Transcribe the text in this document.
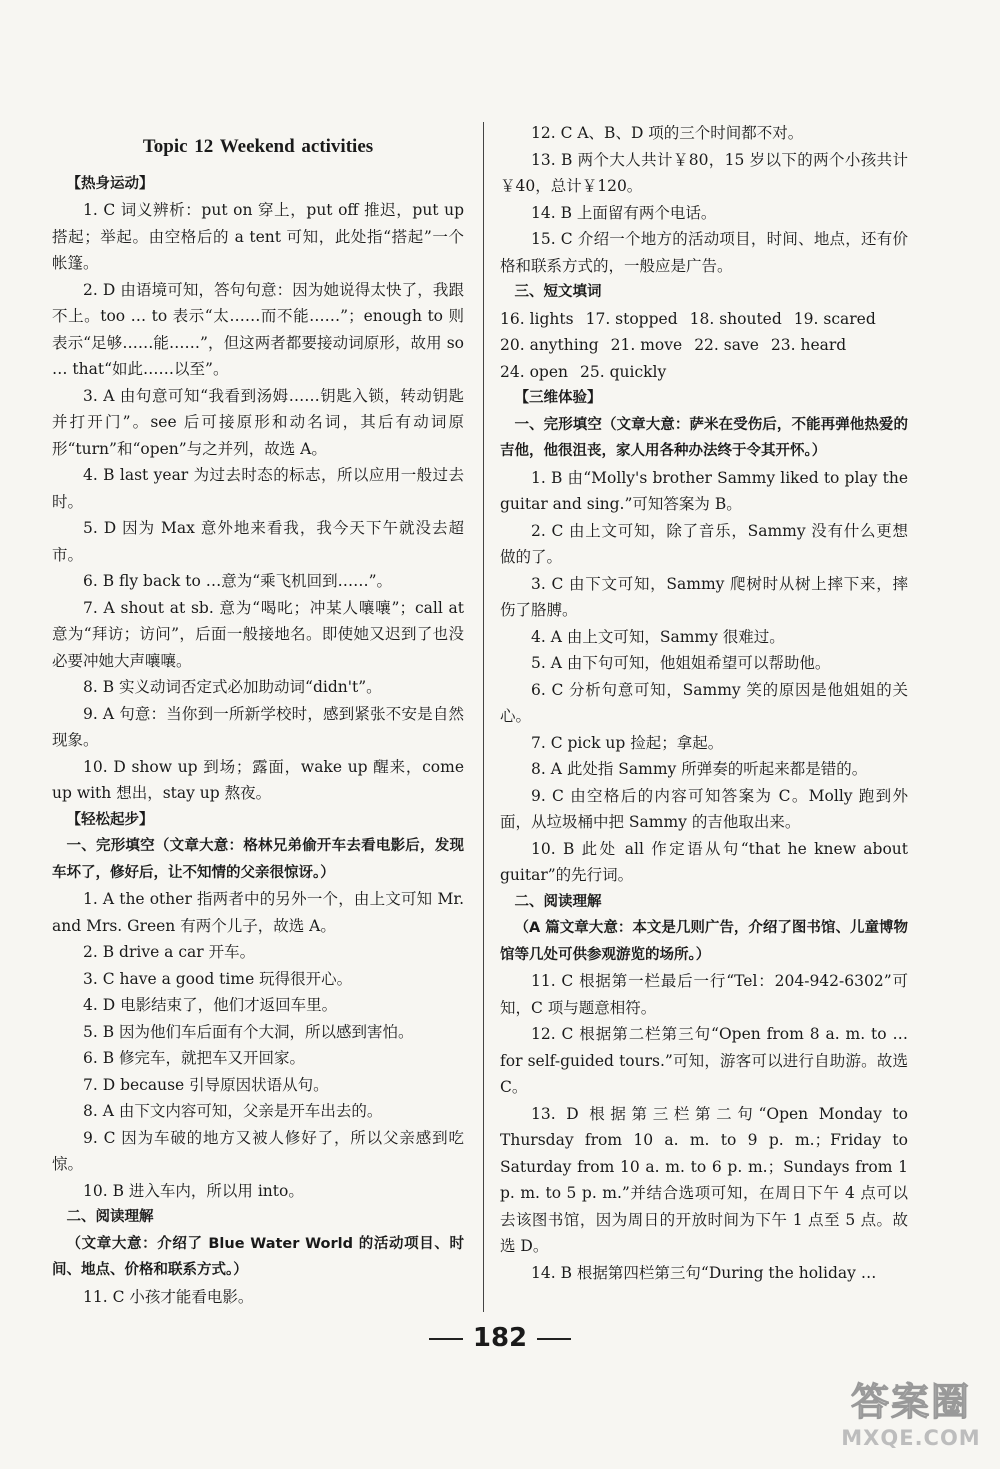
Topic 12 Weekend activities

【热身运动】

1. C 词义辨析：put on 穿上，put off 推迟，put up 搭起；举起。由空格后的 a tent 可知，此处指“搭起”一个帐篷。

2. D 由语境可知，答句句意：因为她说得太快了，我跟不上。too … to 表示“太……而不能……”；enough to 则表示“足够……能……”，但这两者都要接动词原形，故用 so … that“如此……以至”。

3. A 由句意可知“我看到汤姆……钥匙入锁，转动钥匙并打开门”。see 后可接原形和动名词，其后有动词原形“turn”和“open”与之并列，故选 A。

4. B last year 为过去时态的标志，所以应用一般过去时。

5. D 因为 Max 意外地来看我，我今天下午就没去超市。

6. B fly back to …意为“乘飞机回到……”。

7. A shout at sb. 意为“喝叱；冲某人嚷嚷”；call at 意为“拜访；访问”，后面一般接地名。即使她又迟到了也没必要冲她大声嚷嚷。

8. B 实义动词否定式必加助动词“didn't”。

9. A 句意：当你到一所新学校时，感到紧张不安是自然现象。

10. D show up 到场；露面，wake up 醒来，come up with 想出，stay up 熬夜。

【轻松起步】

一、完形填空（文章大意：格林兄弟偷开车去看电影后，发现车坏了，修好后，让不知情的父亲很惊讶。）

1. A the other 指两者中的另外一个，由上文可知 Mr. and Mrs. Green 有两个儿子，故选 A。

2. B drive a car 开车。

3. C have a good time 玩得很开心。

4. D 电影结束了，他们才返回车里。

5. B 因为他们车后面有个大洞，所以感到害怕。

6. B 修完车，就把车又开回家。

7. D because 引导原因状语从句。

8. A 由下文内容可知，父亲是开车出去的。

9. C 因为车破的地方又被人修好了，所以父亲感到吃惊。

10. B 进入车内，所以用 into。

二、阅读理解

（文章大意：介绍了 Blue Water World 的活动项目、时间、地点、价格和联系方式。）

11. C 小孩才能看电影。

12. C A、B、D 项的三个时间都不对。

13. B 两个大人共计￥80，15 岁以下的两个小孩共计￥40，总计￥120。

14. B 上面留有两个电话。

15. C 介绍一个地方的活动项目，时间、地点，还有价格和联系方式的，一般应是广告。

三、短文填词

16. lights 17. stopped 18. shouted 19. scared
20. anything 21. move 22. save 23. heard
24. open 25. quickly

【三维体验】

一、完形填空（文章大意：萨米在受伤后，不能再弹他热爱的吉他，他很沮丧，家人用各种办法终于令其开怀。）

1. B 由“Molly's brother Sammy liked to play the guitar and sing.”可知答案为 B。

2. C 由上文可知，除了音乐，Sammy 没有什么更想做的了。

3. C 由下文可知，Sammy 爬树时从树上摔下来，摔伤了胳膊。

4. A 由上文可知，Sammy 很难过。

5. A 由下句可知，他姐姐希望可以帮助他。

6. C 分析句意可知，Sammy 笑的原因是他姐姐的关心。

7. C pick up 捡起；拿起。

8. A 此处指 Sammy 所弹奏的听起来都是错的。

9. C 由空格后的内容可知答案为 C。Molly 跑到外面，从垃圾桶中把 Sammy 的吉他取出来。

10. B 此处 all 作定语从句“that he knew about guitar”的先行词。

二、阅读理解

（A 篇文章大意：本文是几则广告，介绍了图书馆、儿童博物馆等几处可供参观游览的场所。）

11. C 根据第一栏最后一行“Tel：204-942-6302”可知，C 项与题意相符。

12. C 根据第二栏第三句“Open from 8 a. m. to … for self-guided tours.”可知，游客可以进行自助游。故选 C。

13. D 根据第三栏第二句“Open Monday to Thursday from 10 a. m. to 9 p. m.；Friday to Saturday from 10 a. m. to 6 p. m.；Sundays from 1 p. m. to 5 p. m.”并结合选项可知，在周日下午 4 点可以去该图书馆，因为周日的开放时间为下午 1 点至 5 点。故选 D。

14. B 根据第四栏第三句“During the holiday …

182
答案圈
MXQE.COM
